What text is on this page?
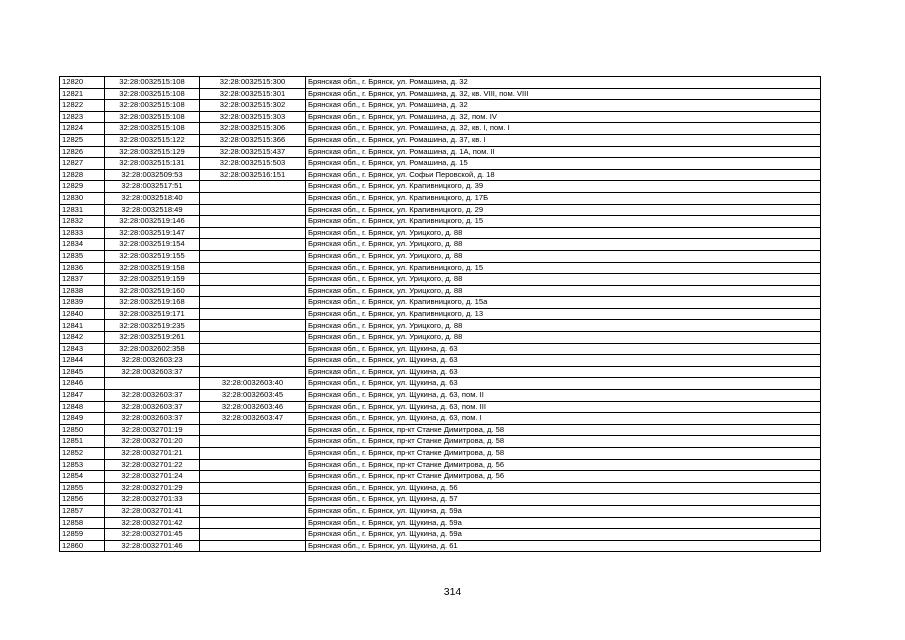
12820	32:28:0032515:108	32:28:0032515:300	Брянская обл., г. Брянск, ул. Ромашина, д. 32
12821	32:28:0032515:108	32:28:0032515:301	Брянская обл., г. Брянск, ул. Ромашина, д. 32, кв. VIII, пом. VIII
12822	32:28:0032515:108	32:28:0032515:302	Брянская обл., г. Брянск, ул. Ромашина, д. 32
12823	32:28:0032515:108	32:28:0032515:303	Брянская обл., г. Брянск, ул. Ромашина, д. 32, пом. IV
12824	32:28:0032515:108	32:28:0032515:306	Брянская обл., г. Брянск, ул. Ромашина, д. 32, кв. I, пом. I
12825	32:28:0032515:122	32:28:0032515:366	Брянская обл., г. Брянск, ул. Ромашина, д. 37, кв. I
12826	32:28:0032515:129	32:28:0032515:437	Брянская обл., г. Брянск, ул. Ромашина, д. 1А, пом. II
12827	32:28:0032515:131	32:28:0032515:503	Брянская обл., г. Брянск, ул. Ромашина, д. 15
12828	32:28:0032509:53	32:28:0032516:151	Брянская обл., г. Брянск, ул. Софьи Перовской, д. 18
12829	32:28:0032517:51		Брянская обл., г. Брянск, ул. Крапивницкого, д. 39
12830	32:28:0032518:40		Брянская обл., г. Брянск, ул. Крапивницкого, д. 17Б
12831	32:28:0032518:49		Брянская обл., г. Брянск, ул. Крапивницкого, д. 29
12832	32:28:0032519:146		Брянская обл., г. Брянск, ул. Крапивницкого, д. 15
12833	32:28:0032519:147		Брянская обл., г. Брянск, ул. Урицкого, д. 88
12834	32:28:0032519:154		Брянская обл., г. Брянск, ул. Урицкого, д. 88
12835	32:28:0032519:155		Брянская обл., г. Брянск, ул. Урицкого, д. 88
12836	32:28:0032519:158		Брянская обл., г. Брянск, ул. Крапивницкого, д. 15
12837	32:28:0032519:159		Брянская обл., г. Брянск, ул. Урицкого, д. 88
12838	32:28:0032519:160		Брянская обл., г. Брянск, ул. Урицкого, д. 88
12839	32:28:0032519:168		Брянская обл., г. Брянск, ул. Крапивницкого, д. 15а
12840	32:28:0032519:171		Брянская обл., г. Брянск, ул. Крапивницкого, д. 13
12841	32:28:0032519:235		Брянская обл., г. Брянск, ул. Урицкого, д. 88
12842	32:28:0032519:261		Брянская обл., г. Брянск, ул. Урицкого, д. 88
12843	32:28:0032602:358		Брянская обл., г. Брянск, ул. Щукина, д. 63
12844	32:28:0032603:23		Брянская обл., г. Брянск, ул. Щукина, д. 63
12845	32:28:0032603:37		Брянская обл., г. Брянск, ул. Щукина, д. 63
12846		32:28:0032603:40	Брянская обл., г. Брянск, ул. Щукина, д. 63
12847	32:28:0032603:37	32:28:0032603:45	Брянская обл., г. Брянск, ул. Щукина, д. 63, пом. II
12848	32:28:0032603:37	32:28:0032603:46	Брянская обл., г. Брянск, ул. Щукина, д. 63, пом. III
12849	32:28:0032603:37	32:28:0032603:47	Брянская обл., г. Брянск, ул. Щукина, д. 63, пом. I
12850	32:28:0032701:19		Брянская обл., г. Брянск, пр-кт Станке Димитрова, д. 58
12851	32:28:0032701:20		Брянская обл., г. Брянск, пр-кт Станке Димитрова, д. 58
12852	32:28:0032701:21		Брянская обл., г. Брянск, пр-кт Станке Димитрова, д. 58
12853	32:28:0032701:22		Брянская обл., г. Брянск, пр-кт Станке Димитрова, д. 56
12854	32:28:0032701:24		Брянская обл., г. Брянск, пр-кт Станке Димитрова, д. 56
12855	32:28:0032701:29		Брянская обл., г. Брянск, ул. Щукина, д. 56
12856	32:28:0032701:33		Брянская обл., г. Брянск, ул. Щукина, д. 57
12857	32:28:0032701:41		Брянская обл., г. Брянск, ул. Щукина, д. 59а
12858	32:28:0032701:42		Брянская обл., г. Брянск, ул. Щукина, д. 59а
12859	32:28:0032701:45		Брянская обл., г. Брянск, ул. Щукина, д. 59а
12860	32:28:0032701:46		Брянская обл., г. Брянск, ул. Щукина, д. 61
314
